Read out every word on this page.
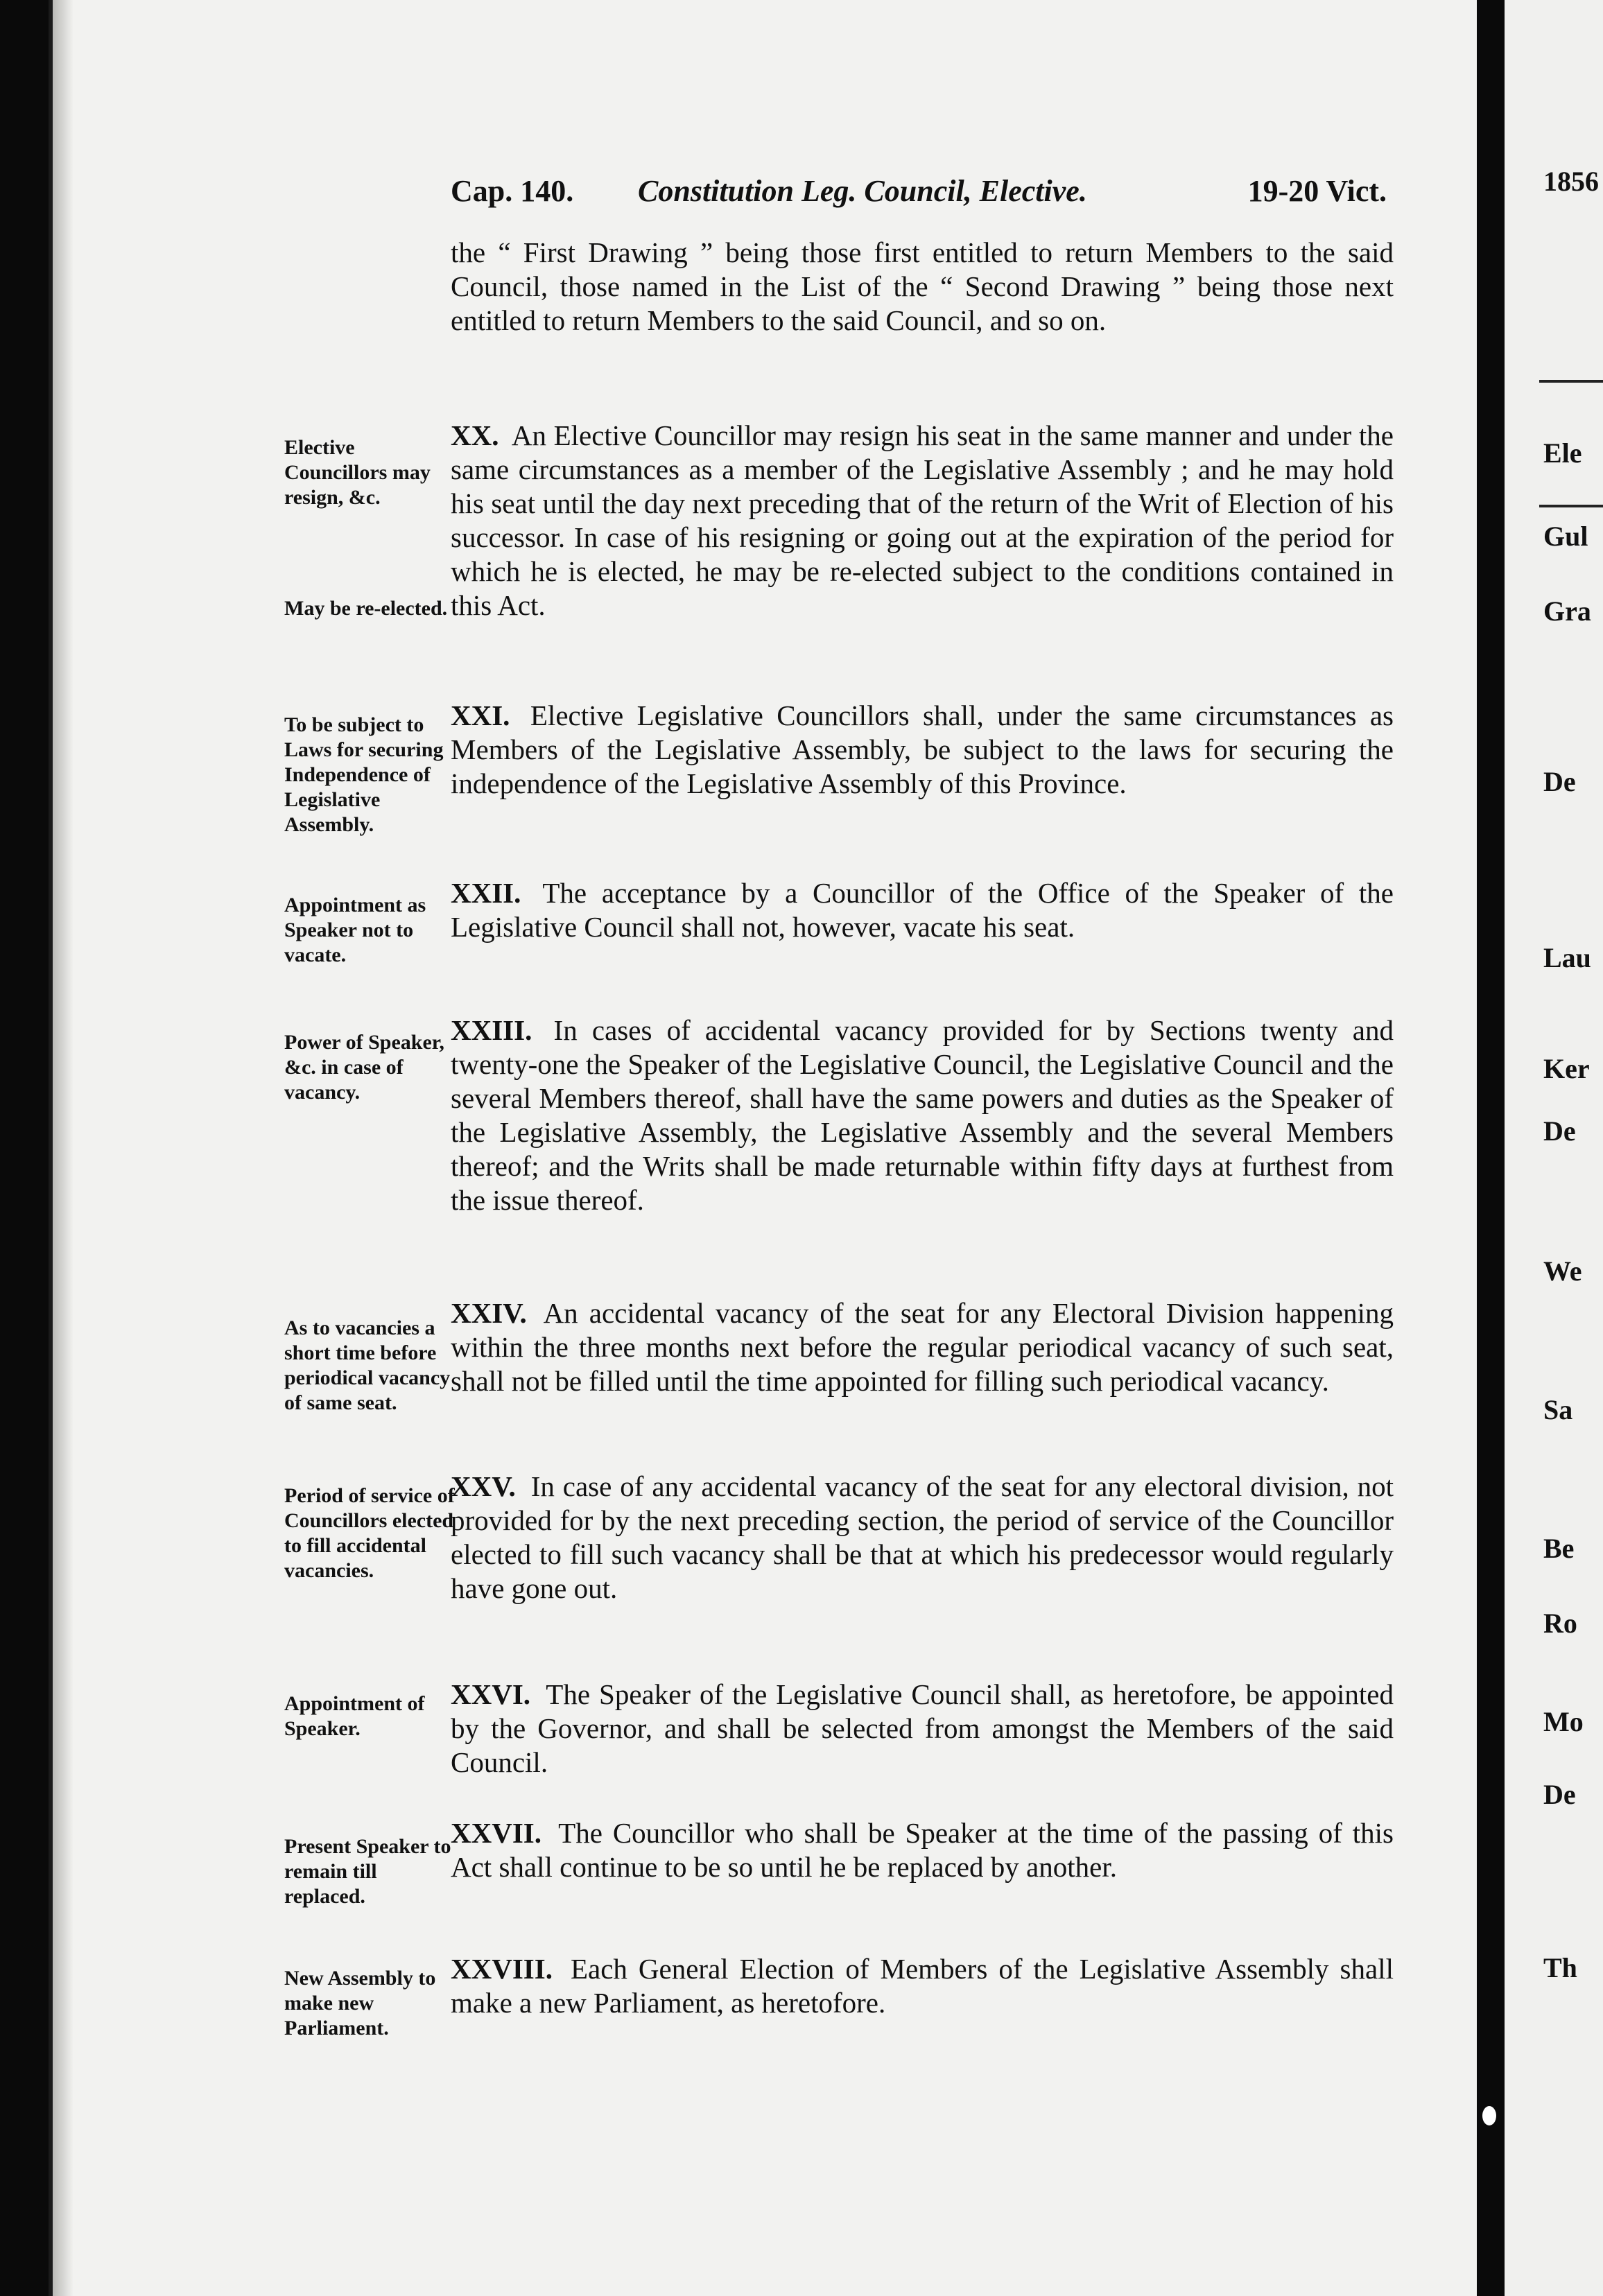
1856
Ele
Gul
Gra
De
Lau
Ker
De
We
Sa
Be
Ro
Mo
De
Th
Cap. 140. Constitution Leg. Council, Elective.	19-20 Vict.
the “ First Drawing ” being those first entitled to return Members to the said Council, those named in the List of the “ Second Drawing ” being those next entitled to return Members to the said Council, and so on.
Elective Councillors may resign, &c.
May be re-elected.
XX. An Elective Councillor may resign his seat in the same manner and under the same circumstances as a member of the Legislative Assembly ; and he may hold his seat until the day next preceding that of the return of the Writ of Election of his successor. In case of his resigning or going out at the expiration of the period for which he is elected, he may be re-elected subject to the conditions contained in this Act.
To be subject to Laws for securing Independence of Legislative Assembly.
XXI. Elective Legislative Councillors shall, under the same circumstances as Members of the Legislative Assembly, be subject to the laws for securing the independence of the Legislative Assembly of this Province.
Appointment as Speaker not to vacate.
XXII. The acceptance by a Councillor of the Office of the Speaker of the Legislative Council shall not, however, vacate his seat.
Power of Speaker, &c. in case of vacancy.
XXIII. In cases of accidental vacancy provided for by Sections twenty and twenty-one the Speaker of the Legislative Council, the Legislative Council and the several Members thereof, shall have the same powers and duties as the Speaker of the Legislative Assembly, the Legislative Assembly and the several Members thereof; and the Writs shall be made returnable within fifty days at furthest from the issue thereof.
As to vacancies a short time before periodical vacancy of same seat.
XXIV. An accidental vacancy of the seat for any Electoral Division happening within the three months next before the regular periodical vacancy of such seat, shall not be filled until the time appointed for filling such periodical vacancy.
Period of service of Councillors elected to fill accidental vacancies.
XXV. In case of any accidental vacancy of the seat for any electoral division, not provided for by the next preceding section, the period of service of the Councillor elected to fill such vacancy shall be that at which his predecessor would regularly have gone out.
Appointment of Speaker.
XXVI. The Speaker of the Legislative Council shall, as heretofore, be appointed by the Governor, and shall be selected from amongst the Members of the said Council.
Present Speaker to remain till replaced.
XXVII. The Councillor who shall be Speaker at the time of the passing of this Act shall continue to be so until he be replaced by another.
New Assembly to make new Parliament.
XXVIII. Each General Election of Members of the Legislative Assembly shall make a new Parliament, as heretofore.
